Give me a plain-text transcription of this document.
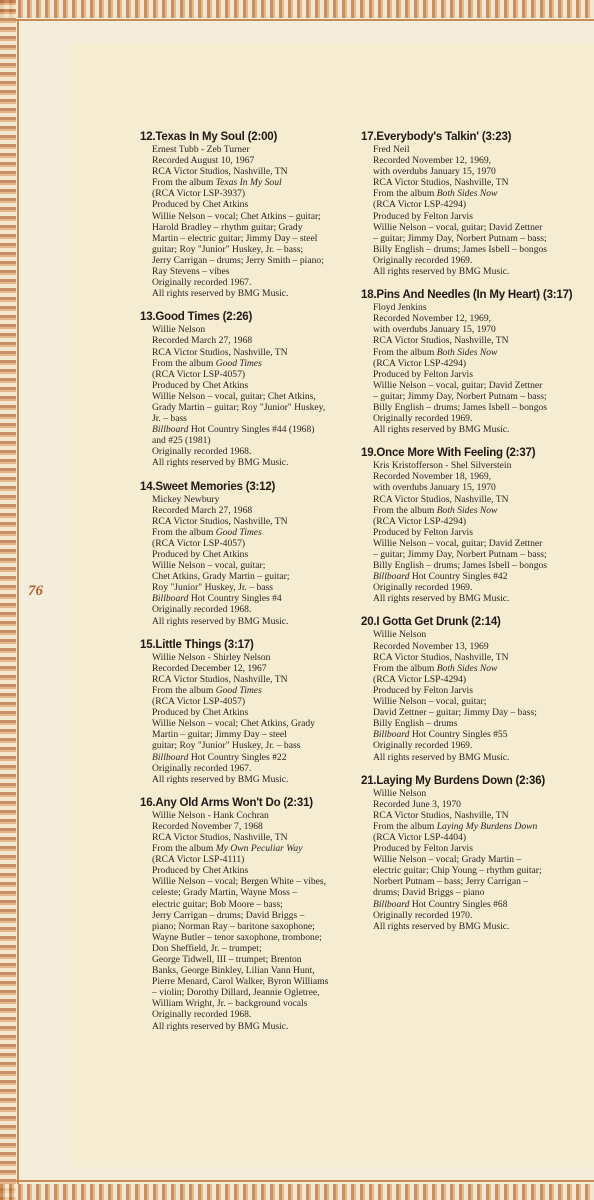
76
12.Texas In My Soul (2:00)
Ernest Tubb - Zeb Turner
Recorded August 10, 1967
RCA Victor Studios, Nashville, TN
From the album Texas In My Soul
(RCA Victor LSP-3937)
Produced by Chet Atkins
Willie Nelson – vocal; Chet Atkins – guitar;
Harold Bradley – rhythm guitar; Grady
Martin – electric guitar; Jimmy Day – steel
guitar; Roy "Junior" Huskey, Jr. – bass;
Jerry Carrigan – drums; Jerry Smith – piano;
Ray Stevens – vibes
Originally recorded 1967.
All rights reserved by BMG Music.
13.Good Times (2:26)
Willie Nelson
Recorded March 27, 1968
RCA Victor Studios, Nashville, TN
From the album Good Times
(RCA Victor LSP-4057)
Produced by Chet Atkins
Willie Nelson – vocal, guitar; Chet Atkins,
Grady Martin – guitar; Roy "Junior" Huskey,
Jr. – bass
Billboard Hot Country Singles #44 (1968)
and #25 (1981)
Originally recorded 1968.
All rights reserved by BMG Music.
14.Sweet Memories (3:12)
Mickey Newbury
Recorded March 27, 1968
RCA Victor Studios, Nashville, TN
From the album Good Times
(RCA Victor LSP-4057)
Produced by Chet Atkins
Willie Nelson – vocal, guitar;
Chet Atkins, Grady Martin – guitar;
Roy "Junior" Huskey, Jr. – bass
Billboard Hot Country Singles #4
Originally recorded 1968.
All rights reserved by BMG Music.
15.Little Things (3:17)
Willie Nelson - Shirley Nelson
Recorded December 12, 1967
RCA Victor Studios, Nashville, TN
From the album Good Times
(RCA Victor LSP-4057)
Produced by Chet Atkins
Willie Nelson – vocal; Chet Atkins, Grady
Martin – guitar; Jimmy Day – steel
guitar; Roy "Junior" Huskey, Jr. – bass
Billboard Hot Country Singles #22
Originally recorded 1967.
All rights reserved by BMG Music.
16.Any Old Arms Won't Do (2:31)
Willie Nelson - Hank Cochran
Recorded November 7, 1968
RCA Victor Studios, Nashville, TN
From the album My Own Peculiar Way
(RCA Victor LSP-4111)
Produced by Chet Atkins
Willie Nelson – vocal; Bergen White – vibes,
celeste; Grady Martin, Wayne Moss –
electric guitar; Bob Moore – bass;
Jerry Carrigan – drums; David Briggs –
piano; Norman Ray – baritone saxophone;
Wayne Butler – tenor saxophone, trombone;
Don Sheffield, Jr. – trumpet;
George Tidwell, III – trumpet; Brenton
Banks, George Binkley, Lilian Vann Hunt,
Pierre Menard, Carol Walker, Byron Williams
– violin; Dorothy Dillard, Jeannie Ogletree,
William Wright, Jr. – background vocals
Originally recorded 1968.
All rights reserved by BMG Music.
17.Everybody's Talkin' (3:23)
Fred Neil
Recorded November 12, 1969,
with overdubs January 15, 1970
RCA Victor Studios, Nashville, TN
From the album Both Sides Now
(RCA Victor LSP-4294)
Produced by Felton Jarvis
Willie Nelson – vocal, guitar; David Zettner
– guitar; Jimmy Day, Norbert Putnam – bass;
Billy English – drums; James Isbell – bongos
Originally recorded 1969.
All rights reserved by BMG Music.
18.Pins And Needles (In My Heart) (3:17)
Floyd Jenkins
Recorded November 12, 1969,
with overdubs January 15, 1970
RCA Victor Studios, Nashville, TN
From the album Both Sides Now
(RCA Victor LSP-4294)
Produced by Felton Jarvis
Willie Nelson – vocal, guitar; David Zettner
– guitar; Jimmy Day, Norbert Putnam – bass;
Billy English – drums; James Isbell – bongos
Originally recorded 1969.
All rights reserved by BMG Music.
19.Once More With Feeling (2:37)
Kris Kristofferson - Shel Silverstein
Recorded November 18, 1969,
with overdubs January 15, 1970
RCA Victor Studios, Nashville, TN
From the album Both Sides Now
(RCA Victor LSP-4294)
Produced by Felton Jarvis
Willie Nelson – vocal, guitar; David Zettner
– guitar; Jimmy Day, Norbert Putnam – bass;
Billy English – drums; James Isbell – bongos
Billboard Hot Country Singles #42
Originally recorded 1969.
All rights reserved by BMG Music.
20.I Gotta Get Drunk (2:14)
Willie Nelson
Recorded November 13, 1969
RCA Victor Studios, Nashville, TN
From the album Both Sides Now
(RCA Victor LSP-4294)
Produced by Felton Jarvis
Willie Nelson – vocal, guitar;
David Zettner – guitar; Jimmy Day – bass;
Billy English – drums
Billboard Hot Country Singles #55
Originally recorded 1969.
All rights reserved by BMG Music.
21.Laying My Burdens Down (2:36)
Willie Nelson
Recorded June 3, 1970
RCA Victor Studios, Nashville, TN
From the album Laying My Burdens Down
(RCA Victor LSP-4404)
Produced by Felton Jarvis
Willie Nelson – vocal; Grady Martin –
electric guitar; Chip Young – rhythm guitar;
Norbert Putnam – bass; Jerry Carrigan –
drums; David Briggs – piano
Billboard Hot Country Singles #68
Originally recorded 1970.
All rights reserved by BMG Music.
